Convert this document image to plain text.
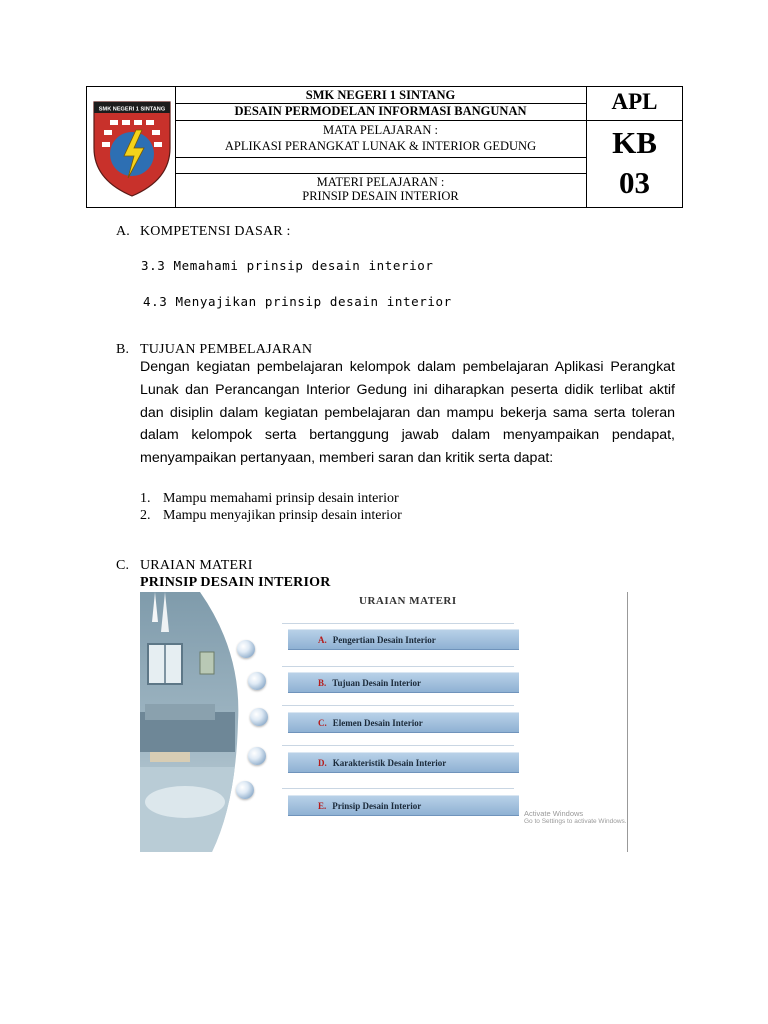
SMK NEGERI 1 SINTANG
SMK NEGERI 1 SINTANG
DESAIN PERMODELAN INFORMASI BANGUNAN
MATA PELAJARAN :
APLIKASI PERANGKAT LUNAK & INTERIOR GEDUNG
MATERI PELAJARAN :
PRINSIP DESAIN INTERIOR
APL
KB
03
A. KOMPETENSI DASAR :
3.3 Memahami prinsip desain interior
4.3 Menyajikan prinsip desain interior
B. TUJUAN PEMBELAJARAN

Dengan kegiatan pembelajaran kelompok dalam pembelajaran Aplikasi Perangkat Lunak dan Perancangan Interior Gedung ini diharapkan peserta didik terlibat aktif dan disiplin dalam kegiatan pembelajaran dan mampu bekerja sama serta toleran dalam kelompok serta bertanggung jawab dalam menyampaikan pendapat, menyampaikan pertanyaan, memberi saran dan kritik serta dapat:

1. Mampu memahami prinsip desain interior
2. Mampu menyajikan prinsip desain interior
C. URAIAN MATERI
PRINSIP DESAIN INTERIOR
URAIAN MATERI
A. Pengertian Desain Interior
B. Tujuan Desain Interior
C. Elemen Desain Interior
D. Karakteristik Desain Interior
E. Prinsip Desain Interior
Activate Windows
Go to Settings to activate Windows.
